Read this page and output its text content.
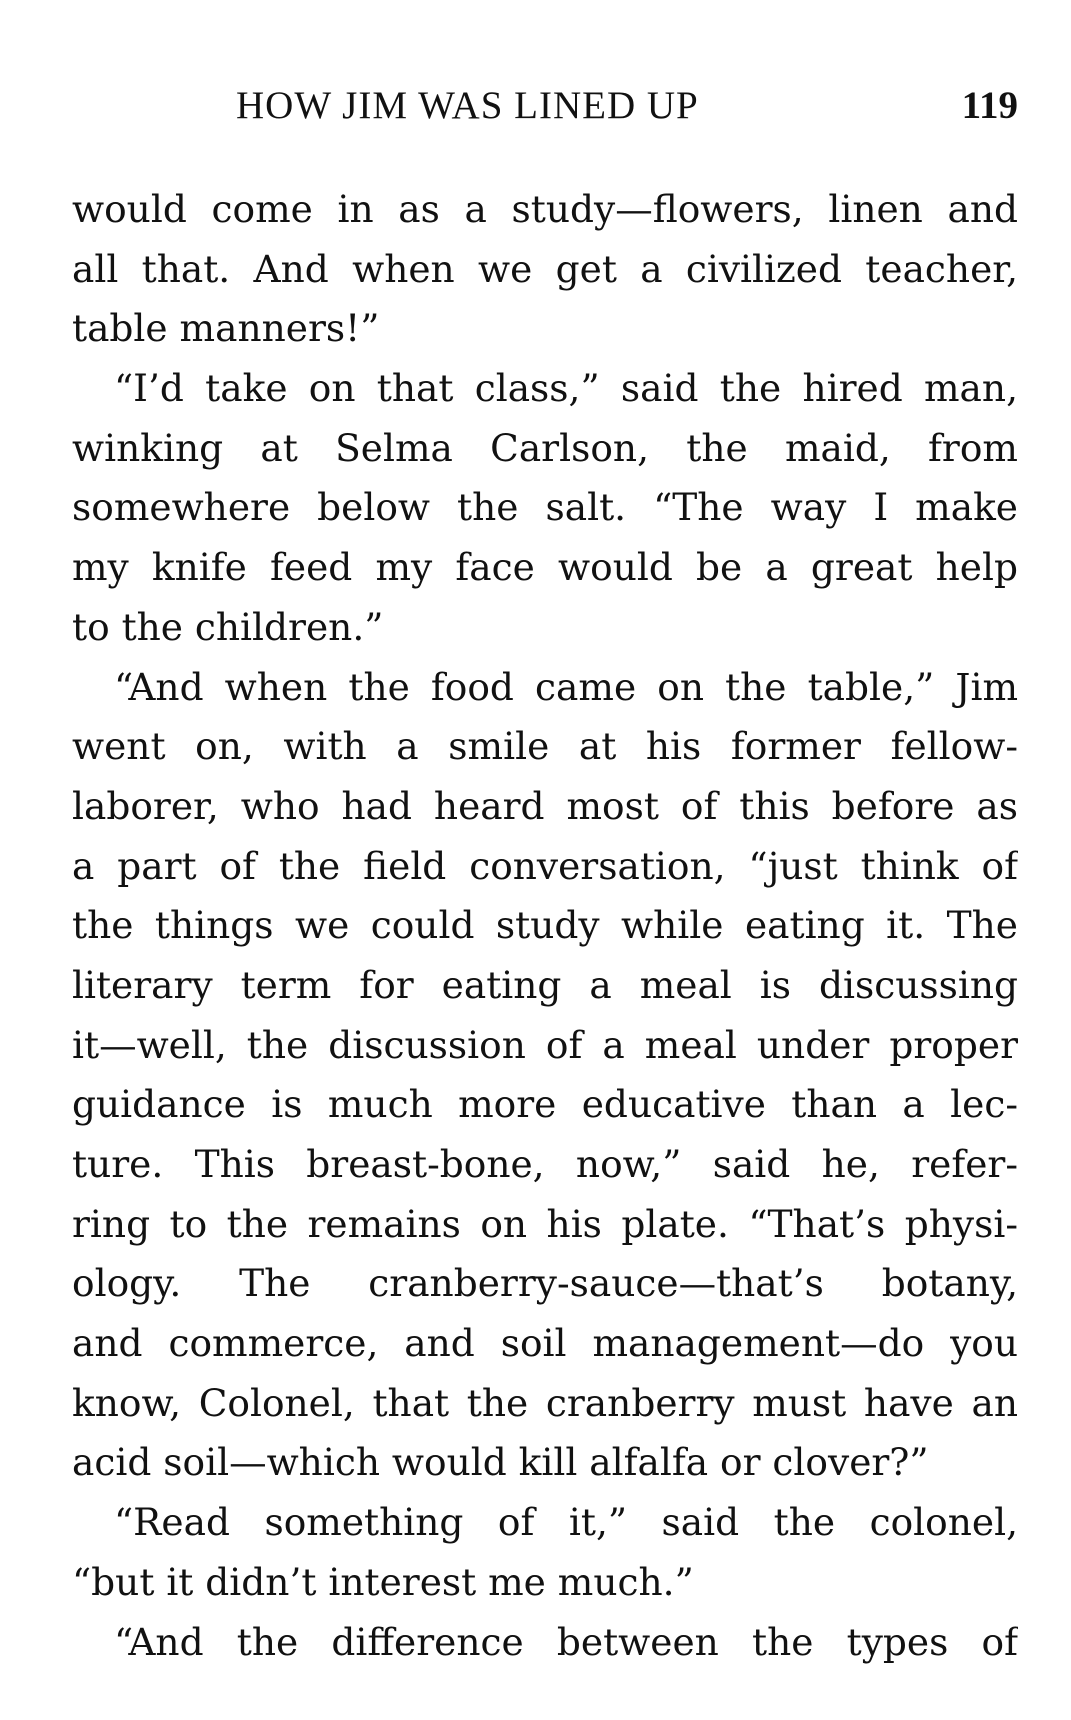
HOW JIM WAS LINED UP	119
would come in as a study—flowers, linen and
all that. And when we get a civilized teacher,
table manners!”
“I’d take on that class,” said the hired man,
winking at Selma Carlson, the maid, from
somewhere below the salt. “The way I make
my knife feed my face would be a great help
to the children.”
“And when the food came on the table,” Jim
went on, with a smile at his former fellow-
laborer, who had heard most of this before as
a part of the field conversation, “just think of
the things we could study while eating it. The
literary term for eating a meal is discussing
it—well, the discussion of a meal under proper
guidance is much more educative than a lec-
ture. This breast-bone, now,” said he, refer-
ring to the remains on his plate. “That’s physi-
ology. The cranberry-sauce—that’s botany,
and commerce, and soil management—do you
know, Colonel, that the cranberry must have an
acid soil—which would kill alfalfa or clover?”
“Read something of it,” said the colonel,
“but it didn’t interest me much.”
“And the difference between the types of
